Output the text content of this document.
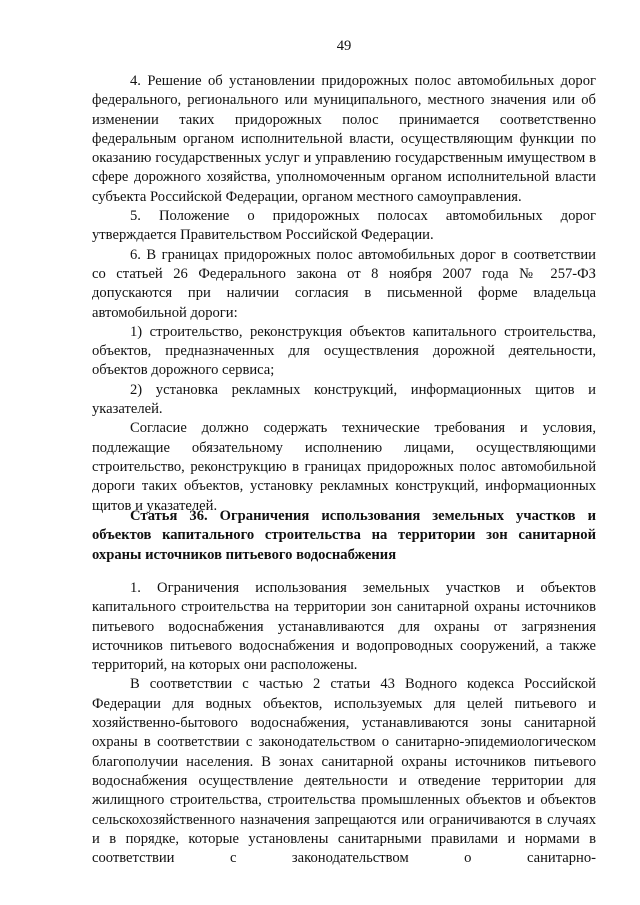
49

4. Решение об установлении придорожных полос автомобильных дорог федерального, регионального или муниципального, местного значения или об изменении таких придорожных полос принимается соответственно федеральным органом исполнительной власти, осуществляющим функции по оказанию государственных услуг и управлению государственным имуществом в сфере дорожного хозяйства, уполномоченным органом исполнительной власти субъекта Российской Федерации, органом местного самоуправления.

5. Положение о придорожных полосах автомобильных дорог утверждается Правительством Российской Федерации.

6. В границах придорожных полос автомобильных дорог в соответствии со статьей 26 Федерального закона от 8 ноября 2007 года № 257-ФЗ допускаются при наличии согласия в письменной форме владельца автомобильной дороги:

1) строительство, реконструкция объектов капитального строительства, объектов, предназначенных для осуществления дорожной деятельности, объектов дорожного сервиса;

2) установка рекламных конструкций, информационных щитов и указателей.

Согласие должно содержать технические требования и условия, подлежащие обязательному исполнению лицами, осуществляющими строительство, реконструкцию в границах придорожных полос автомобильной дороги таких объектов, установку рекламных конструкций, информационных щитов и указателей.

Статья 36. Ограничения использования земельных участков и объектов капитального строительства на территории зон санитарной охраны источников питьевого водоснабжения

1. Ограничения использования земельных участков и объектов капитального строительства на территории зон санитарной охраны источников питьевого водоснабжения устанавливаются для охраны от загрязнения источников питьевого водоснабжения и водопроводных сооружений, а также территорий, на которых они расположены.

В соответствии с частью 2 статьи 43 Водного кодекса Российской Федерации для водных объектов, используемых для целей питьевого и хозяйственно-бытового водоснабжения, устанавливаются зоны санитарной охраны в соответствии с законодательством о санитарно-эпидемиологическом благополучии населения. В зонах санитарной охраны источников питьевого водоснабжения осуществление деятельности и отведение территории для жилищного строительства, строительства промышленных объектов и объектов сельскохозяйственного назначения запрещаются или ограничиваются в случаях и в порядке, которые установлены санитарными правилами и нормами в соответствии с законодательством о санитарно-
